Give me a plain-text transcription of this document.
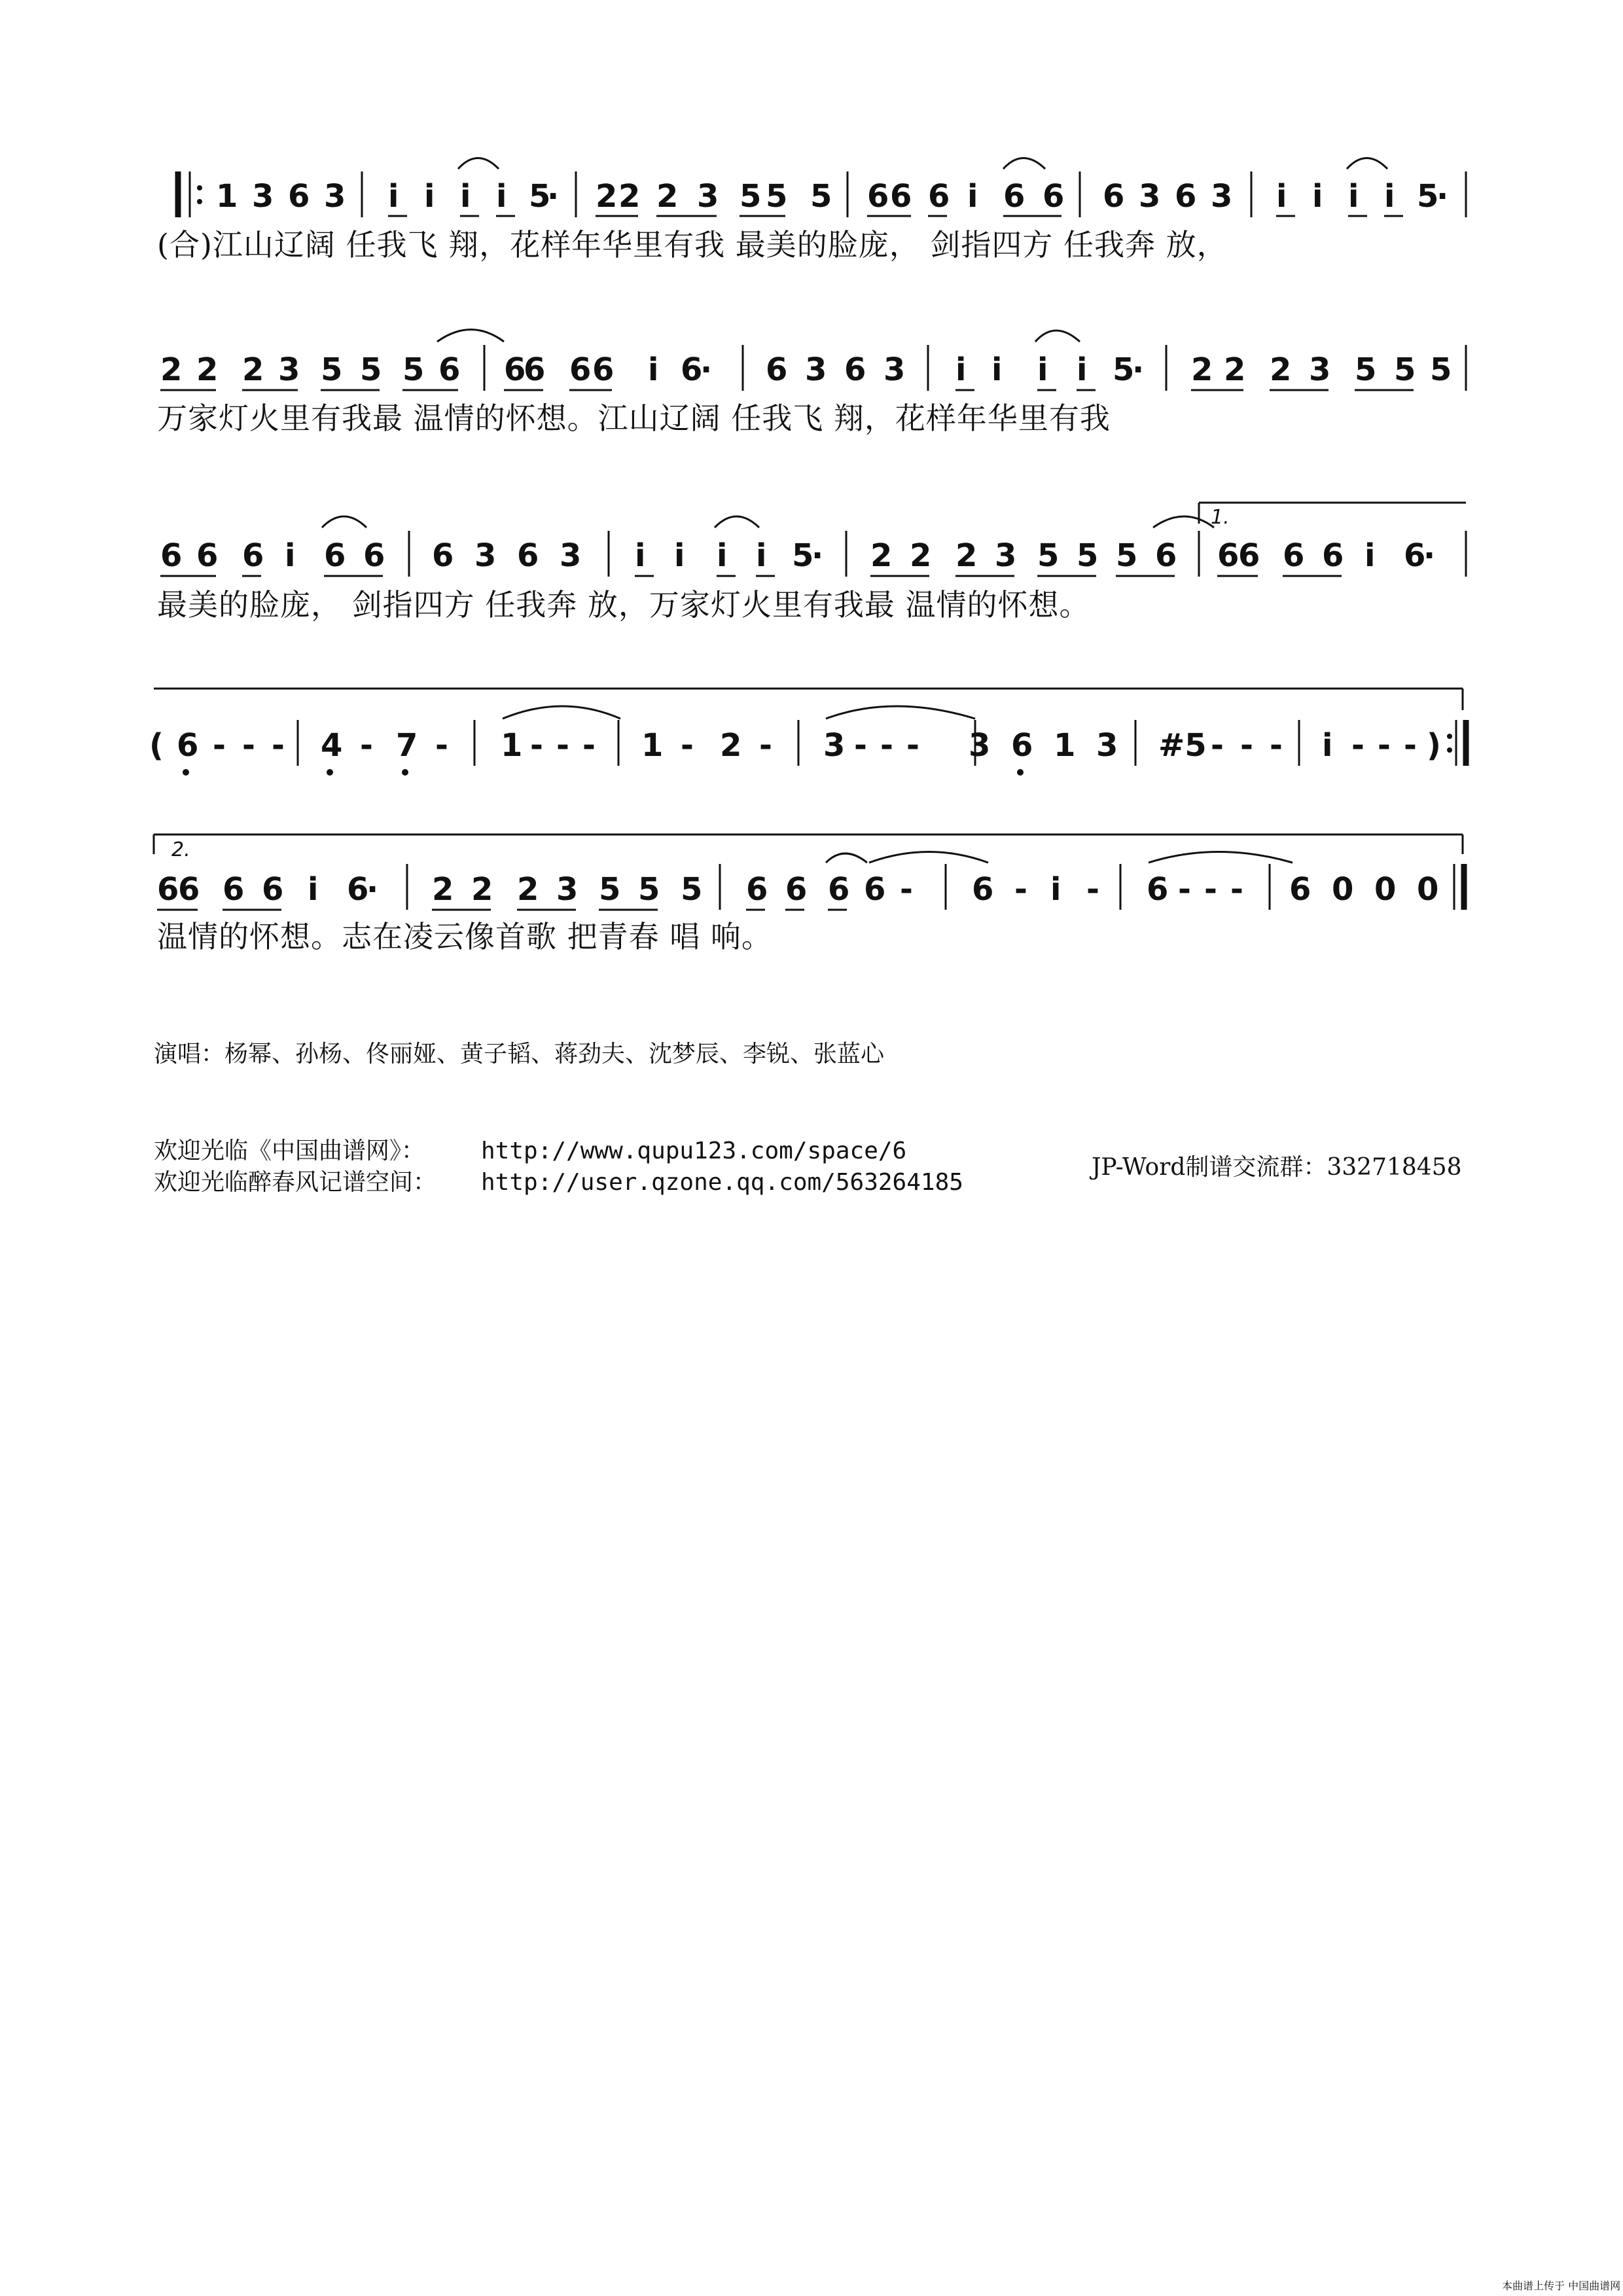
1 3 6 3 i i i i 5
· 2 2 2 3 5 5 5 6 6 6 i 6 6 6 3 6 3 i i i i 5
·
(合)江山辽阔 任我飞 翔，花样年华里有我 最美的脸庞， 剑指四方 任我奔 放，
2 2 2 3 5 5 5 6 6
6 6 6 i 6
· 6 3 6 3 i i i i 5
· 2 2 2 3 5 5 5
万家灯火里有我最 温情的怀想。江山辽阔 任我飞 翔，花样年华里有我
6 6 6 i 6 6 6 3 6 3 i i i i 5
· 2 2 2 3 5 5 5 6
1.
6
6 6 6 i 6
·
最美的脸庞， 剑指四方 任我奔 放，万家灯火里有我最 温情的怀想。
( 6 - - - 4 - 7 - 1 - - - 1 - 2 - 3 - - - 3 6 1 3 #5 - - - i - - - )
2.
6
6 6 6 i 6
· 2 2 2 3 5 5 5 6 6 6 6 - 6 - i - 6 - - - 6 0 0 0
温情的怀想。志在凌云像首歌 把青春 唱 响。
演唱：杨幂、孙杨、佟丽娅、黄子韬、蒋劲夫、沈梦辰、李锐、张蓝心
欢迎光临《中国曲谱网》： http://www.qupu123.com/space/6
欢迎光临醉春风记谱空间： http://user.qzone.qq.com/563264185
JP-Word制谱交流群：332718458
本曲谱上传于 中国曲谱网
